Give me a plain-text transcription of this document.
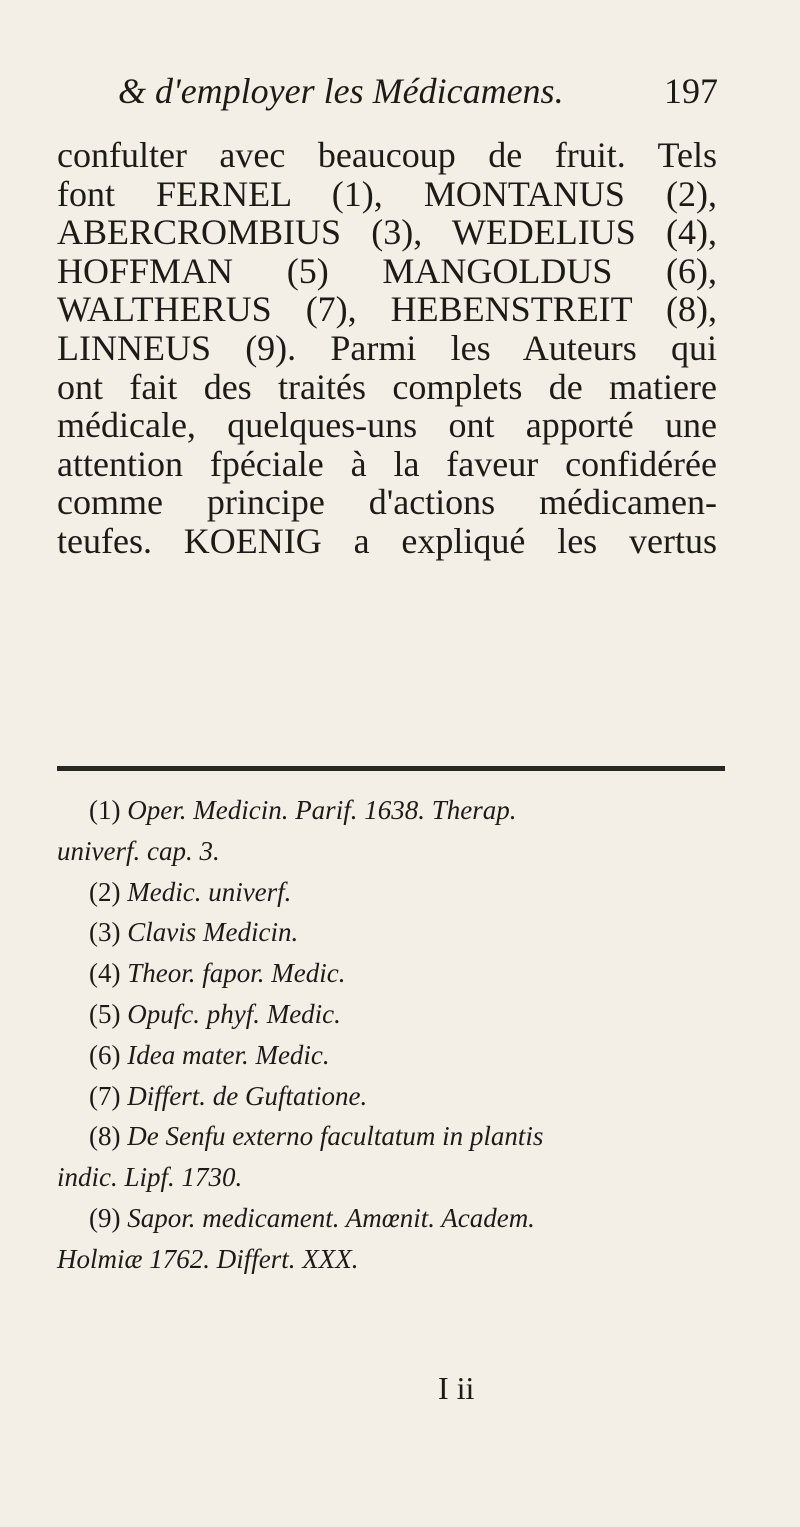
& d'employer les Médicamens.	197
confulter avec beaucoup de fruit. Tels
font FERNEL (1), MONTANUS (2),
ABERCROMBIUS (3), WEDELIUS (4),
HOFFMAN (5) MANGOLDUS (6),
WALTHERUS (7), HEBENSTREIT (8),
LINNEUS (9). Parmi les Auteurs qui
ont fait des traités complets de matiere
médicale, quelques-uns ont apporté une
attention fpéciale à la faveur confidérée
comme principe d'actions médicamen-
teufes. KOENIG a expliqué les vertus
(1) Oper. Medicin. Parif. 1638. Therap.
univerf. cap. 3.
(2) Medic. univerf.
(3) Clavis Medicin.
(4) Theor. fapor. Medic.
(5) Opufc. phyf. Medic.
(6) Idea mater. Medic.
(7) Differt. de Guftatione.
(8) De Senfu externo facultatum in plantis
indic. Lipf. 1730.
(9) Sapor. medicament. Amœnit. Academ.
Holmiæ 1762. Differt. XXX.
I ii
